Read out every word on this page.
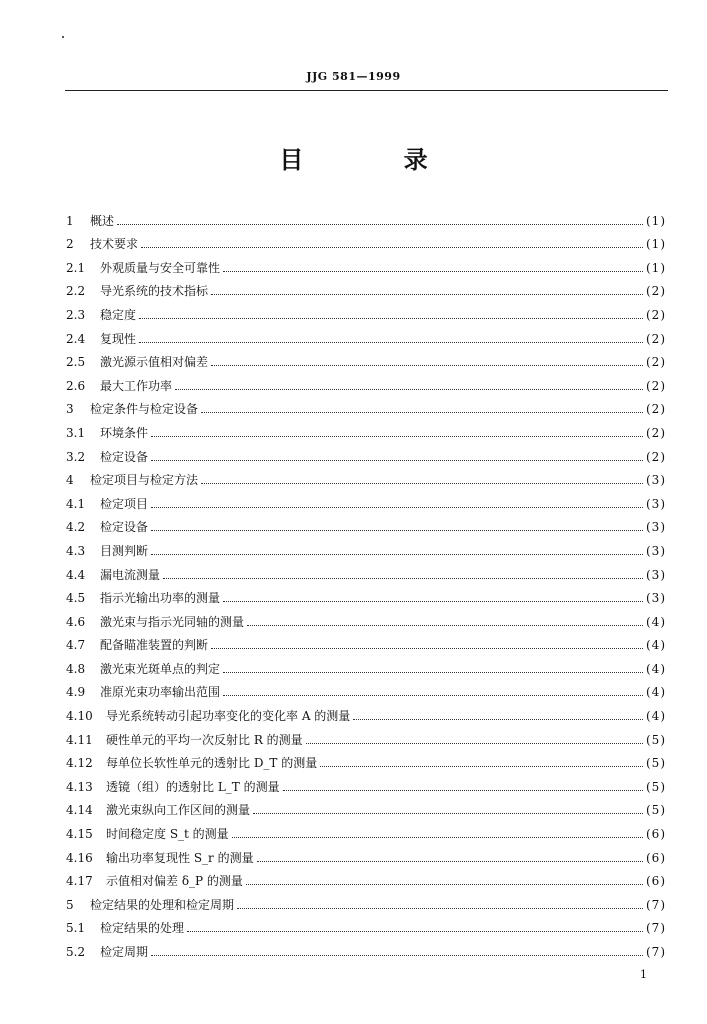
JJG 581—1999
目 录
1 概述	(1)
2 技术要求	(1)
2.1	外观质量与安全可靠性	(1)
2.2	导光系统的技术指标	(2)
2.3	稳定度	(2)
2.4	复现性	(2)
2.5	激光源示值相对偏差	(2)
2.6	最大工作功率	(2)
3 检定条件与检定设备	(2)
3.1	环境条件	(2)
3.2	检定设备	(2)
4 检定项目与检定方法	(3)
4.1	检定项目	(3)
4.2	检定设备	(3)
4.3	目测判断	(3)
4.4	漏电流测量	(3)
4.5	指示光输出功率的测量	(3)
4.6	激光束与指示光同轴的测量	(4)
4.7	配备瞄准装置的判断	(4)
4.8	激光束光斑单点的判定	(4)
4.9	准原光束功率输出范围	(4)
4.10	导光系统转动引起功率变化的变化率 A 的测量	(4)
4.11	硬性单元的平均一次反射比 R 的测量	(5)
4.12	每单位长软性单元的透射比 D_T 的测量	(5)
4.13	透镜（组）的透射比 L_T 的测量	(5)
4.14	激光束纵向工作区间的测量	(5)
4.15	时间稳定度 S_t 的测量	(6)
4.16	输出功率复现性 S_r 的测量	(6)
4.17	示值相对偏差 δ_P 的测量	(6)
5 检定结果的处理和检定周期	(7)
5.1	检定结果的处理	(7)
5.2	检定周期	(7)
1
